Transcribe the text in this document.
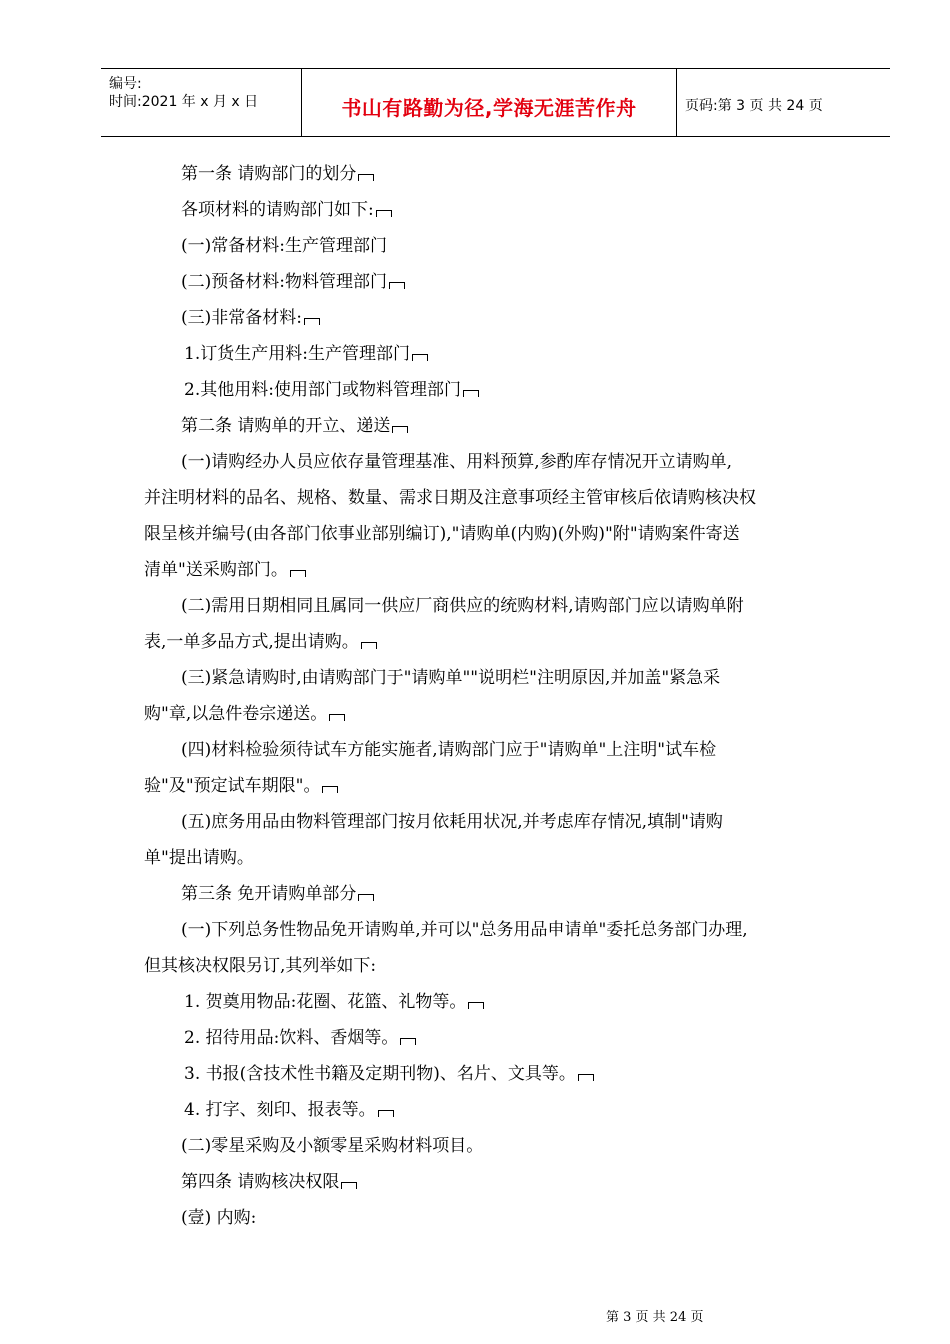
编号:
时间:2021 年 x 月 x 日	书山有路勤为径,学海无涯苦作舟	页码:第 3 页 共 24 页
第一条 请购部门的划分
各项材料的请购部门如下:
(一)常备材料:生产管理部门
(二)预备材料:物料管理部门
(三)非常备材料:
1.订货生产用料:生产管理部门
2.其他用料:使用部门或物料管理部门
第二条 请购单的开立、递送
(一)请购经办人员应依存量管理基准、用料预算,参酌库存情况开立请购单,
并注明材料的品名、规格、数量、需求日期及注意事项经主管审核后依请购核决权
限呈核并编号(由各部门依事业部别编订),"请购单(内购)(外购)"附"请购案件寄送
清单"送采购部门。
(二)需用日期相同且属同一供应厂商供应的统购材料,请购部门应以请购单附
表,一单多品方式,提出请购。
(三)紧急请购时,由请购部门于"请购单""说明栏"注明原因,并加盖"紧急采
购"章,以急件卷宗递送。
(四)材料检验须待试车方能实施者,请购部门应于"请购单"上注明"试车检
验"及"预定试车期限"。
(五)庶务用品由物料管理部门按月依耗用状况,并考虑库存情况,填制"请购
单"提出请购。
第三条 免开请购单部分
(一)下列总务性物品免开请购单,并可以"总务用品申请单"委托总务部门办理,
但其核决权限另订,其列举如下:
1. 贺奠用物品:花圈、花篮、礼物等。
2. 招待用品:饮料、香烟等。
3. 书报(含技术性书籍及定期刊物)、名片、文具等。
4. 打字、刻印、报表等。
(二)零星采购及小额零星采购材料项目。
第四条 请购核决权限
(壹) 内购:
第 3 页 共 24 页
